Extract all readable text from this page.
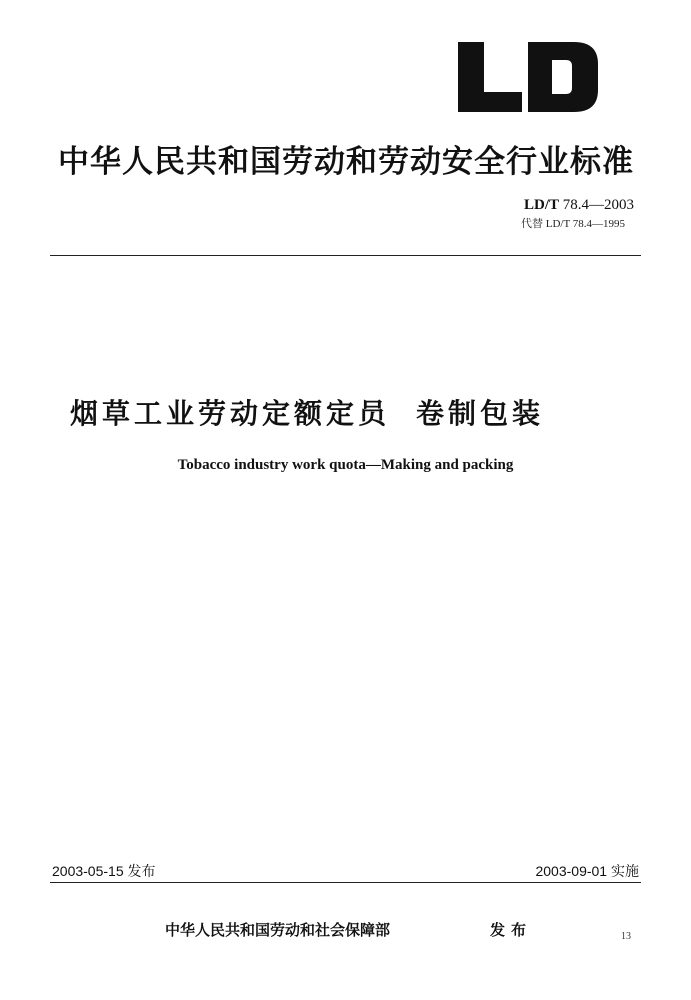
中华人民共和国劳动和劳动安全行业标准
LD/T 78.4—2003
代替 LD/T 78.4—1995
烟草工业劳动定额定员 卷制包装
Tobacco industry work quota—Making and packing
2003-05-15 发布	2003-09-01 实施
中华人民共和国劳动和社会保障部	发布	13
